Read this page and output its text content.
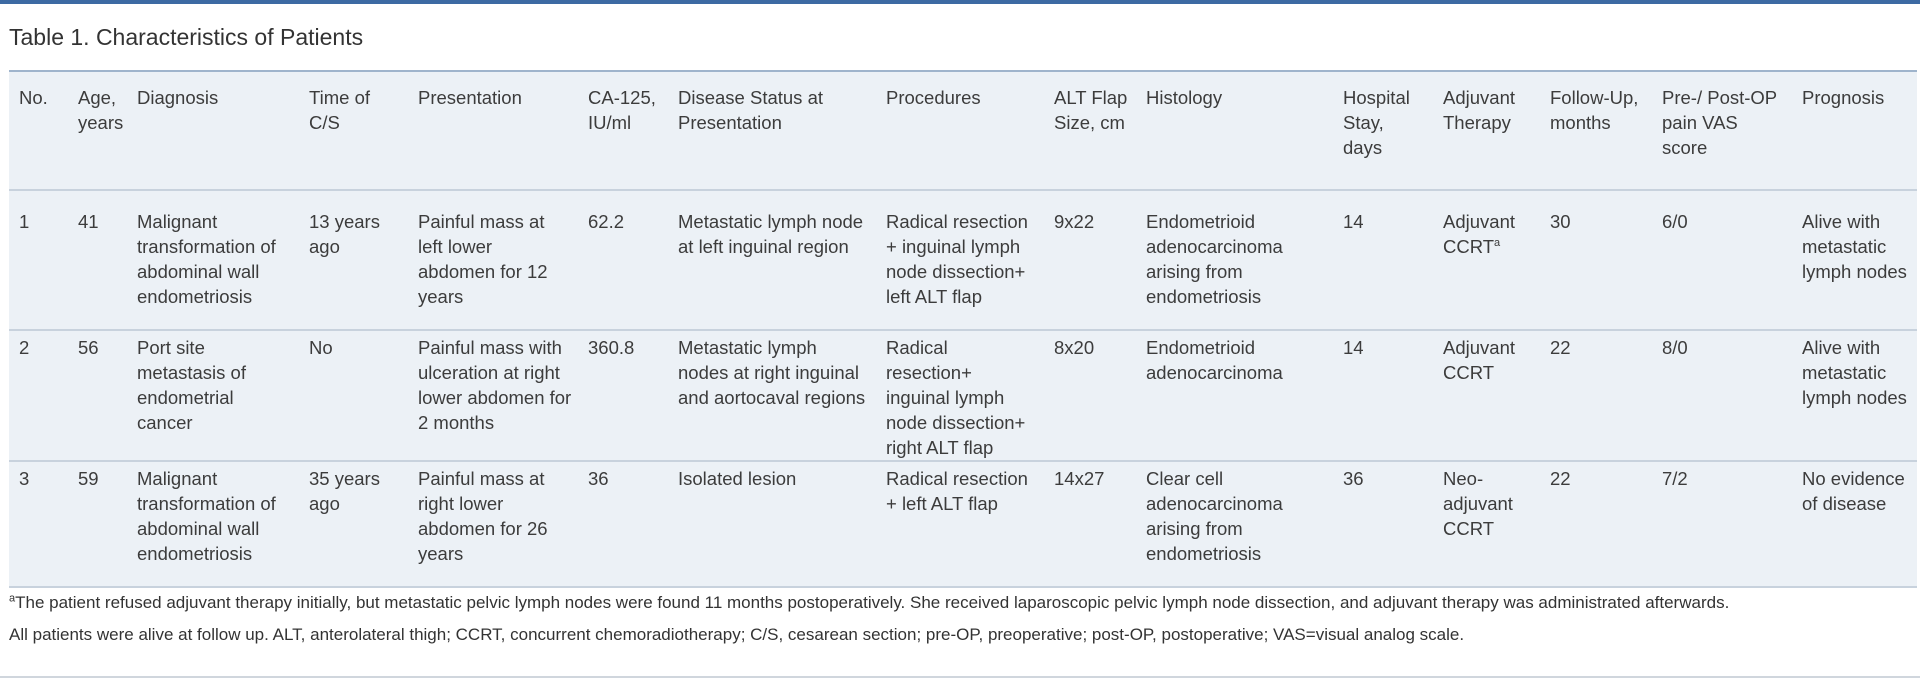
Table 1. Characteristics of Patients
No.	Age, years	Diagnosis	Time of C/S	Presentation	CA-125, IU/ml	Disease Status at Presentation	Procedures	ALT Flap Size, cm	Histology	Hospital Stay, days	Adjuvant Therapy	Follow-Up, months	Pre-/ Post-OP pain VAS score	Prognosis
1	41	Malignant transformation of abdominal wall endometriosis	13 years ago	Painful mass at left lower abdomen for 12 years	62.2	Metastatic lymph node at left inguinal region	Radical resection + inguinal lymph node dissection+ left ALT flap	9x22	Endometrioid adenocarcinoma arising from endometriosis	14	Adjuvant CCRT$^a$	30	6/0	Alive with metastatic lymph nodes
2	56	Port site metastasis of endometrial cancer	No	Painful mass with ulceration at right lower abdomen for 2 months	360.8	Metastatic lymph nodes at right inguinal and aortocaval regions	Radical resection+ inguinal lymph node dissection+ right ALT flap	8x20	Endometrioid adenocarcinoma	14	Adjuvant CCRT	22	8/0	Alive with metastatic lymph nodes
3	59	Malignant transformation of abdominal wall endometriosis	35 years ago	Painful mass at right lower abdomen for 26 years	36	Isolated lesion	Radical resection + left ALT flap	14x27	Clear cell adenocarcinoma arising from endometriosis	36	Neo-adjuvant CCRT	22	7/2	No evidence of disease
$^a$The patient refused adjuvant therapy initially, but metastatic pelvic lymph nodes were found 11 months postoperatively. She received laparoscopic pelvic lymph node dissection, and adjuvant therapy was administrated afterwards.
All patients were alive at follow up. ALT, anterolateral thigh; CCRT, concurrent chemoradiotherapy; C/S, cesarean section; pre-OP, preoperative; post-OP, postoperative; VAS=visual analog scale.
